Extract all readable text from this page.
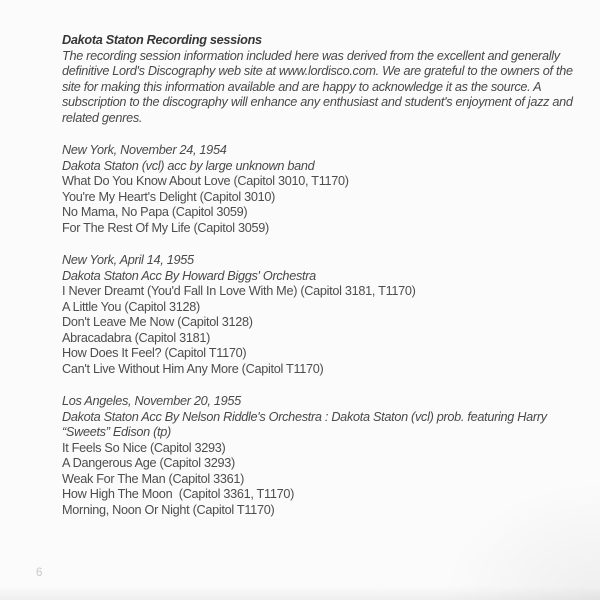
Dakota Staton Recording sessions
The recording session information included here was derived from the excellent and generally
definitive Lord's Discography web site at www.lordisco.com. We are grateful to the owners of the
site for making this information available and are happy to acknowledge it as the source. A
subscription to the discography will enhance any enthusiast and student's enjoyment of jazz and
related genres.
New York, November 24, 1954
Dakota Staton (vcl) acc by large unknown band
What Do You Know About Love (Capitol 3010, T1170)
You're My Heart's Delight (Capitol 3010)
No Mama, No Papa (Capitol 3059)
For The Rest Of My Life (Capitol 3059)
New York, April 14, 1955
Dakota Staton Acc By Howard Biggs' Orchestra
I Never Dreamt (You'd Fall In Love With Me) (Capitol 3181, T1170)
A Little You (Capitol 3128)
Don't Leave Me Now (Capitol 3128)
Abracadabra (Capitol 3181)
How Does It Feel? (Capitol T1170)
Can't Live Without Him Any More (Capitol T1170)
Los Angeles, November 20, 1955
Dakota Staton Acc By Nelson Riddle's Orchestra : Dakota Staton (vcl) prob. featuring Harry
“Sweets” Edison (tp)
It Feels So Nice (Capitol 3293)
A Dangerous Age (Capitol 3293)
Weak For The Man (Capitol 3361)
How High The Moon  (Capitol 3361, T1170)
Morning, Noon Or Night (Capitol T1170)
6
